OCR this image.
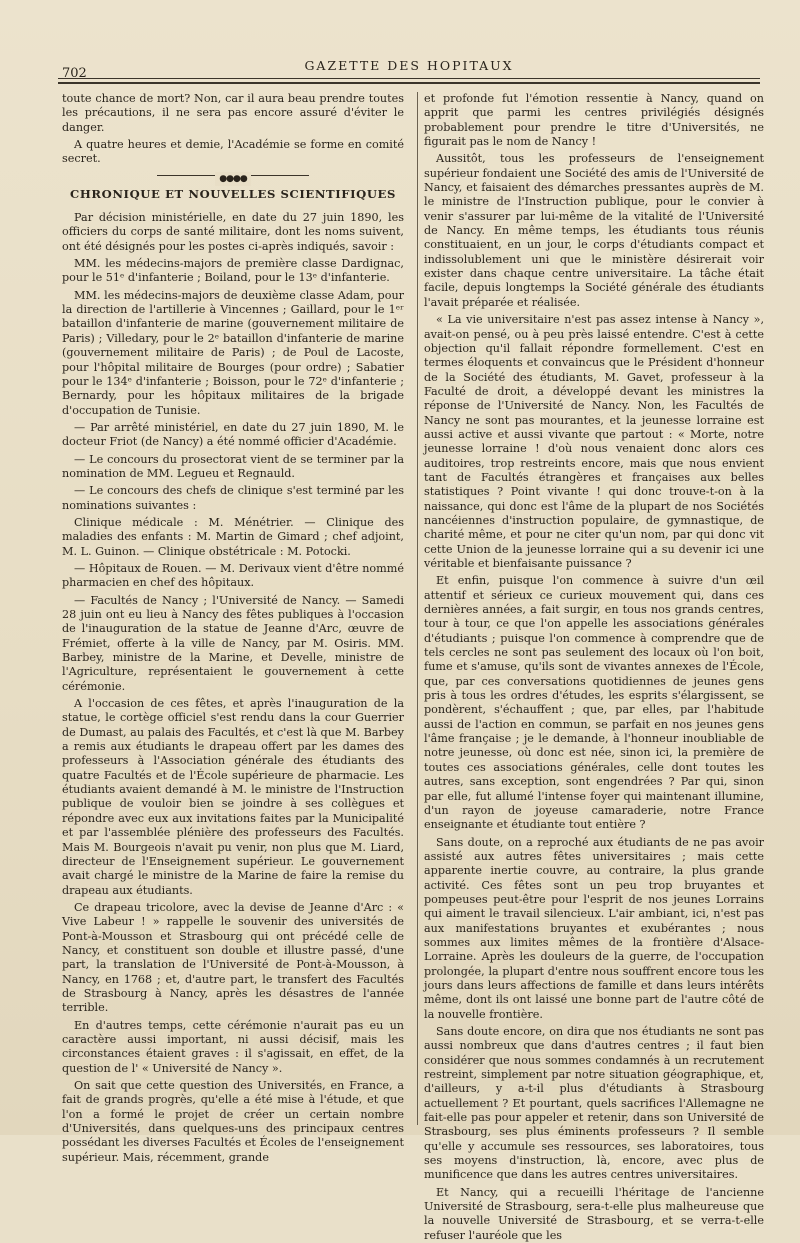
702
GAZETTE DES HOPITAUX

toute chance de mort? Non, car il aura beau prendre toutes les précautions, il ne sera pas encore assuré d'éviter le danger.

A quatre heures et demie, l'Académie se forme en comité secret.

●●●●
CHRONIQUE ET NOUVELLES SCIENTIFIQUES

Par décision ministérielle, en date du 27 juin 1890, les officiers du corps de santé militaire, dont les noms suivent, ont été désignés pour les postes ci-après indiqués, savoir :

MM. les médecins-majors de première classe Dardignac, pour le 51ᵉ d'infanterie ; Boiland, pour le 13ᵉ d'infanterie.

MM. les médecins-majors de deuxième classe Adam, pour la direction de l'artillerie à Vincennes ; Gaillard, pour le 1ᵉʳ bataillon d'infanterie de marine (gouvernement militaire de Paris) ; Villedary, pour le 2ᵉ bataillon d'infanterie de marine (gouvernement militaire de Paris) ; de Poul de Lacoste, pour l'hôpital militaire de Bourges (pour ordre) ; Sabatier pour le 134ᵉ d'infanterie ; Boisson, pour le 72ᵉ d'infanterie ; Bernardy, pour les hôpitaux militaires de la brigade d'occupation de Tunisie.

— Par arrêté ministériel, en date du 27 juin 1890, M. le docteur Friot (de Nancy) a été nommé officier d'Académie.

— Le concours du prosectorat vient de se terminer par la nomination de MM. Legueu et Regnauld.

— Le concours des chefs de clinique s'est terminé par les nominations suivantes :

Clinique médicale : M. Ménétrier. — Clinique des maladies des enfants : M. Martin de Gimard ; chef adjoint, M. L. Guinon. — Clinique obstétricale : M. Potocki.

— Hôpitaux de Rouen. — M. Derivaux vient d'être nommé pharmacien en chef des hôpitaux.

— Facultés de Nancy ; l'Université de Nancy. — Samedi 28 juin ont eu lieu à Nancy des fêtes publiques à l'occasion de l'inauguration de la statue de Jeanne d'Arc, œuvre de Frémiet, offerte à la ville de Nancy, par M. Osiris. MM. Barbey, ministre de la Marine, et Develle, ministre de l'Agriculture, représentaient le gouvernement à cette cérémonie.

A l'occasion de ces fêtes, et après l'inauguration de la statue, le cortège officiel s'est rendu dans la cour Guerrier de Dumast, au palais des Facultés, et c'est là que M. Barbey a remis aux étudiants le drapeau offert par les dames des professeurs à l'Association générale des étudiants des quatre Facultés et de l'École supérieure de pharmacie. Les étudiants avaient demandé à M. le ministre de l'Instruction publique de vouloir bien se joindre à ses collègues et répondre avec eux aux invitations faites par la Municipalité et par l'assemblée plénière des professeurs des Facultés. Mais M. Bourgeois n'avait pu venir, non plus que M. Liard, directeur de l'Enseignement supérieur. Le gouvernement avait chargé le ministre de la Marine de faire la remise du drapeau aux étudiants.

Ce drapeau tricolore, avec la devise de Jeanne d'Arc : « Vive Labeur ! » rappelle le souvenir des universités de Pont-à-Mousson et Strasbourg qui ont précédé celle de Nancy, et constituent son double et illustre passé, d'une part, la translation de l'Université de Pont-à-Mousson, à Nancy, en 1768 ; et, d'autre part, le transfert des Facultés de Strasbourg à Nancy, après les désastres de l'année terrible.

En d'autres temps, cette cérémonie n'aurait pas eu un caractère aussi important, ni aussi décisif, mais les circonstances étaient graves : il s'agissait, en effet, de la question de l' « Université de Nancy ».

On sait que cette question des Universités, en France, a fait de grands progrès, qu'elle a été mise à l'étude, et que l'on a formé le projet de créer un certain nombre d'Universités, dans quelques-uns des principaux centres possédant les diverses Facultés et Écoles de l'enseignement supérieur. Mais, récemment, grande

et profonde fut l'émotion ressentie à Nancy, quand on apprit que parmi les centres privilégiés désignés probablement pour prendre le titre d'Universités, ne figurait pas le nom de Nancy !

Aussitôt, tous les professeurs de l'enseignement supérieur fondaient une Société des amis de l'Université de Nancy, et faisaient des démarches pressantes auprès de M. le ministre de l'Instruction publique, pour le convier à venir s'assurer par lui-même de la vitalité de l'Université de Nancy. En même temps, les étudiants tous réunis constituaient, en un jour, le corps d'étudiants compact et indissolublement uni que le ministère désirerait voir exister dans chaque centre universitaire. La tâche était facile, depuis longtemps la Société générale des étudiants l'avait préparée et réalisée.

« La vie universitaire n'est pas assez intense à Nancy », avait-on pensé, ou à peu près laissé entendre. C'est à cette objection qu'il fallait répondre formellement. C'est en termes éloquents et convaincus que le Président d'honneur de la Société des étudiants, M. Gavet, professeur à la Faculté de droit, a développé devant les ministres la réponse de l'Université de Nancy. Non, les Facultés de Nancy ne sont pas mourantes, et la jeunesse lorraine est aussi active et aussi vivante que partout : « Morte, notre jeunesse lorraine ! d'où nous venaient donc alors ces auditoires, trop restreints encore, mais que nous envient tant de Facultés étrangères et françaises aux belles statistiques ? Point vivante ! qui donc trouve-t-on à la naissance, qui donc est l'âme de la plupart de nos Sociétés nancéiennes d'instruction populaire, de gymnastique, de charité même, et pour ne citer qu'un nom, par qui donc vit cette Union de la jeunesse lorraine qui a su devenir ici une véritable et bienfaisante puissance ?

Et enfin, puisque l'on commence à suivre d'un œil attentif et sérieux ce curieux mouvement qui, dans ces dernières années, a fait surgir, en tous nos grands centres, tour à tour, ce que l'on appelle les associations générales d'étudiants ; puisque l'on commence à comprendre que de tels cercles ne sont pas seulement des locaux où l'on boit, fume et s'amuse, qu'ils sont de vivantes annexes de l'École, que, par ces conversations quotidiennes de jeunes gens pris à tous les ordres d'études, les esprits s'élargissent, se pondèrent, s'échauffent ; que, par elles, par l'habitude aussi de l'action en commun, se parfait en nos jeunes gens l'âme française ; je le demande, à l'honneur inoubliable de notre jeunesse, où donc est née, sinon ici, la première de toutes ces associations générales, celle dont toutes les autres, sans exception, sont engendrées ? Par qui, sinon par elle, fut allumé l'intense foyer qui maintenant illumine, d'un rayon de joyeuse camaraderie, notre France enseignante et étudiante tout entière ?

Sans doute, on a reproché aux étudiants de ne pas avoir assisté aux autres fêtes universitaires ; mais cette apparente inertie couvre, au contraire, la plus grande activité. Ces fêtes sont un peu trop bruyantes et pompeuses peut-être pour l'esprit de nos jeunes Lorrains qui aiment le travail silencieux. L'air ambiant, ici, n'est pas aux manifestations bruyantes et exubérantes ; nous sommes aux limites mêmes de la frontière d'Alsace-Lorraine. Après les douleurs de la guerre, de l'occupation prolongée, la plupart d'entre nous souffrent encore tous les jours dans leurs affections de famille et dans leurs intérêts même, dont ils ont laissé une bonne part de l'autre côté de la nouvelle frontière.

Sans doute encore, on dira que nos étudiants ne sont pas aussi nombreux que dans d'autres centres ; il faut bien considérer que nous sommes condamnés à un recrutement restreint, simplement par notre situation géographique, et, d'ailleurs, y a-t-il plus d'étudiants à Strasbourg actuellement ? Et pourtant, quels sacrifices l'Allemagne ne fait-elle pas pour appeler et retenir, dans son Université de Strasbourg, ses plus éminents professeurs ? Il semble qu'elle y accumule ses ressources, ses laboratoires, tous ses moyens d'instruction, là, encore, avec plus de munificence que dans les autres centres universitaires.

Et Nancy, qui a recueilli l'héritage de l'ancienne Université de Strasbourg, sera-t-elle plus malheureuse que la nouvelle Université de Strasbourg, et se verra-t-elle refuser l'auréole que les
